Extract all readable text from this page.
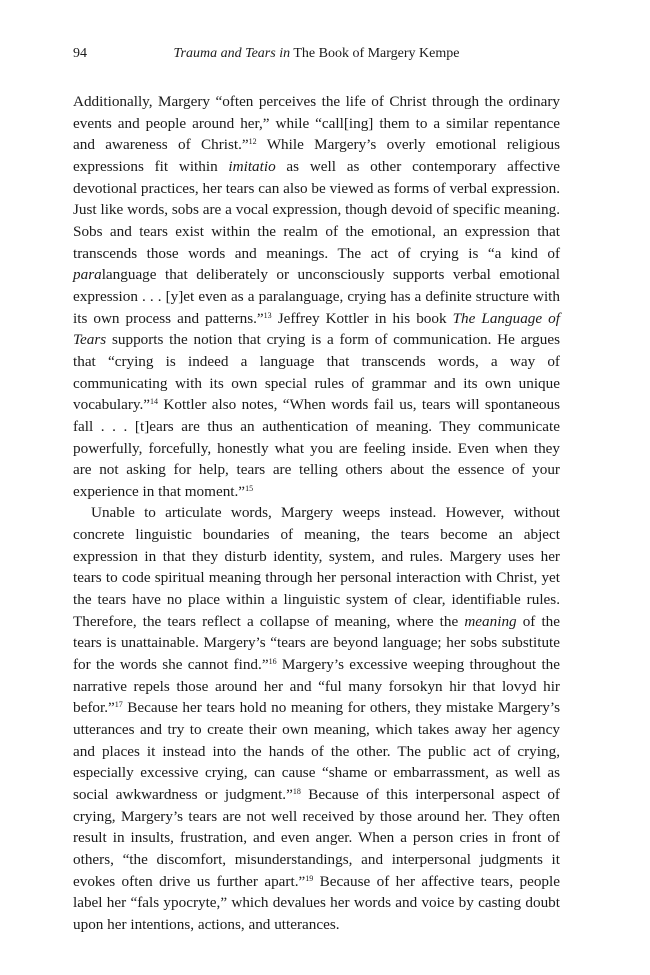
94	Trauma and Tears in The Book of Margery Kempe

Additionally, Margery “often perceives the life of Christ through the ordinary events and people around her,” while “call[ing] them to a similar repentance and awareness of Christ.”$^{12}$ While Margery’s overly emotional religious expressions fit within imitatio as well as other contemporary affective devotional practices, her tears can also be viewed as forms of verbal expression. Just like words, sobs are a vocal expression, though devoid of specific meaning. Sobs and tears exist within the realm of the emotional, an expression that transcends those words and meanings. The act of crying is “a kind of paralanguage that deliberately or unconsciously supports verbal emotional expression . . . [y]et even as a paralanguage, crying has a definite structure with its own process and patterns.”$^{13}$ Jeffrey Kottler in his book The Language of Tears supports the notion that crying is a form of communication. He argues that “crying is indeed a language that transcends words, a way of communicating with its own special rules of grammar and its own unique vocabulary.”$^{14}$ Kottler also notes, “When words fail us, tears will spontaneous fall . . . [t]ears are thus an authentication of meaning. They communicate powerfully, forcefully, honestly what you are feeling inside. Even when they are not asking for help, tears are telling others about the essence of your experience in that moment.”$^{15}$

Unable to articulate words, Margery weeps instead. However, without concrete linguistic boundaries of meaning, the tears become an abject expression in that they disturb identity, system, and rules. Margery uses her tears to code spiritual meaning through her personal interaction with Christ, yet the tears have no place within a linguistic system of clear, identifiable rules. Therefore, the tears reflect a collapse of meaning, where the meaning of the tears is unattainable. Margery’s “tears are beyond language; her sobs substitute for the words she cannot find.”$^{16}$ Margery’s excessive weeping throughout the narrative repels those around her and “ful many forsokyn hir that lovyd hir befor.”$^{17}$ Because her tears hold no meaning for others, they mistake Margery’s utterances and try to create their own meaning, which takes away her agency and places it instead into the hands of the other. The public act of crying, especially excessive crying, can cause “shame or embarrassment, as well as social awkwardness or judgment.”$^{18}$ Because of this interpersonal aspect of crying, Margery’s tears are not well received by those around her. They often result in insults, frustration, and even anger. When a person cries in front of others, “the discomfort, misunderstandings, and interpersonal judgments it evokes often drive us further apart.”$^{19}$ Because of her affective tears, people label her “fals ypocryte,” which devalues her words and voice by casting doubt upon her intentions, actions, and utterances.
